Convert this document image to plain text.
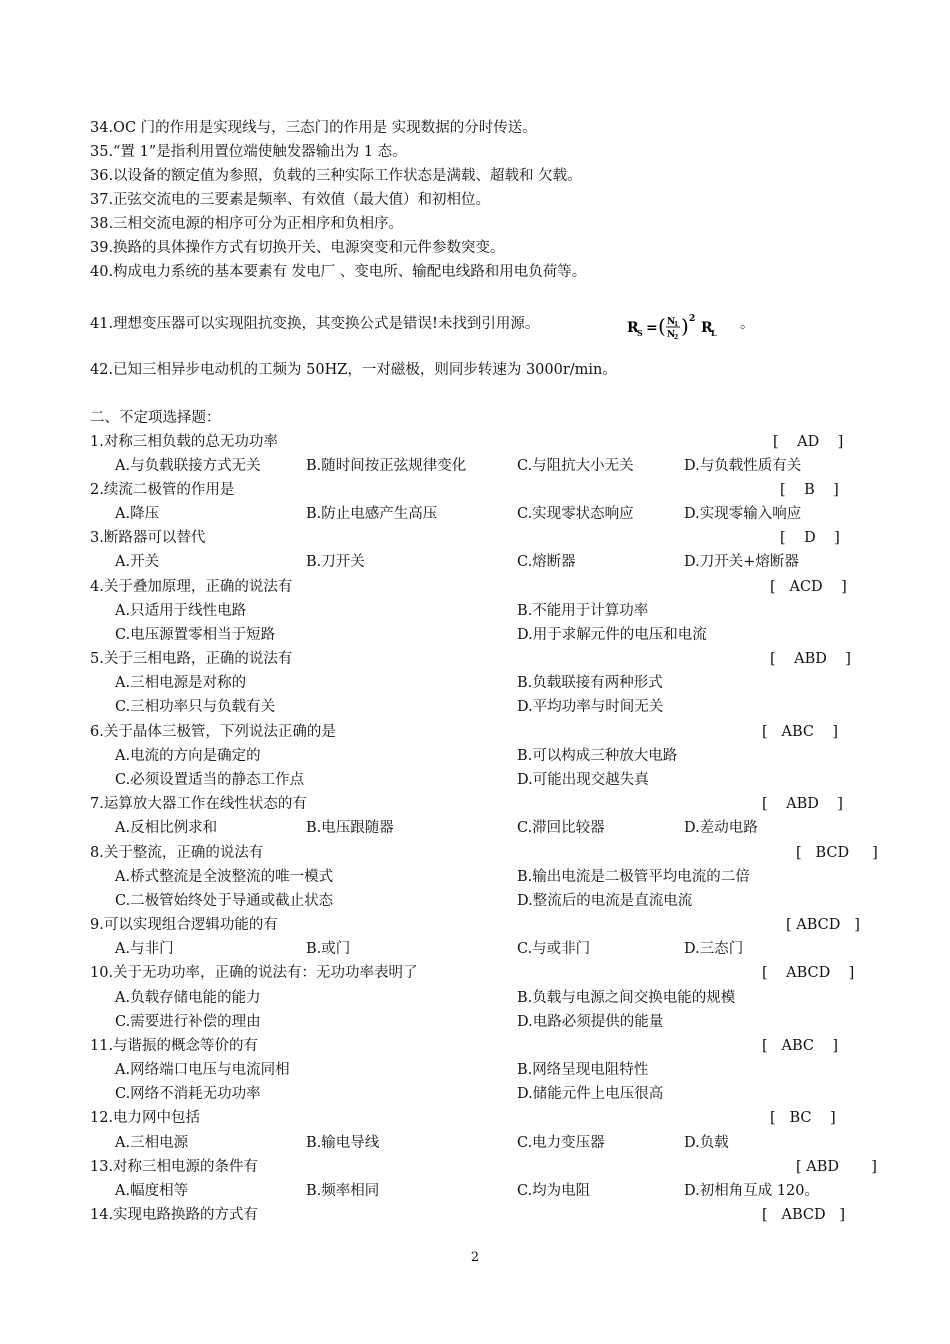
34.OC 门的作用是实现线与，三态门的作用是 实现数据的分时传送。
35.“置 1”是指利用置位端使触发器输出为 1 态。
36.以设备的额定值为参照，负载的三种实际工作状态是满载、超载和 欠载。
37.正弦交流电的三要素是频率、有效值（最大值）和初相位。
38.三相交流电源的相序可分为正相序和负相序。
39.换路的具体操作方式有切换开关、电源突变和元件参数突变。
40.构成电力系统的基本要素有 发电厂 、变电所、输配电线路和用电负荷等。
41.理想变压器可以实现阻抗变换，其变换公式是错误!未找到引用源。	R
S = ( N
1
N
2 ) 2
R
L
。
42.已知三相异步电动机的工频为 50HZ，一对磁极，则同步转速为 3000r/min。
二、不定项选择题：
1.对称三相负载的总无功功率	[    AD    ]
A.与负载联接方式无关	B.随时间按正弦规律变化	C.与阻抗大小无关	D.与负载性质有关
2.续流二极管的作用是	[    B    ]
A.降压	B.防止电感产生高压	C.实现零状态响应	D.实现零输入响应
3.断路器可以替代	[    D    ]
A.开关	B.刀开关	C.熔断器	D.刀开关+熔断器
4.关于叠加原理，正确的说法有	[   ACD    ]
A.只适用于线性电路	B.不能用于计算功率
C.电压源置零相当于短路	D.用于求解元件的电压和电流
5.关于三相电路，正确的说法有	[    ABD    ]
A.三相电源是对称的	B.负载联接有两种形式
C.三相功率只与负载有关	D.平均功率与时间无关
6.关于晶体三极管，下列说法正确的是	[   ABC    ]
A.电流的方向是确定的	B.可以构成三种放大电路
C.必须设置适当的静态工作点	D.可能出现交越失真
7.运算放大器工作在线性状态的有	[    ABD    ]
A.反相比例求和	B.电压跟随器	C.滞回比较器	D.差动电路
8.关于整流，正确的说法有	[   BCD     ]
A.桥式整流是全波整流的唯一模式	B.输出电流是二极管平均电流的二倍
C.二极管始终处于导通或截止状态	D.整流后的电流是直流电流
9.可以实现组合逻辑功能的有	[ ABCD   ]
A.与非门	B.或门	C.与或非门	D.三态门
10.关于无功功率，正确的说法有：无功功率表明了	[    ABCD    ]
A.负载存储电能的能力	B.负载与电源之间交换电能的规模
C.需要进行补偿的理由	D.电路必须提供的能量
11.与谐振的概念等价的有	[   ABC    ]
A.网络端口电压与电流同相	B.网络呈现电阻特性
C.网络不消耗无功功率	D.储能元件上电压很高
12.电力网中包括	[   BC    ]
A.三相电源	B.输电导线	C.电力变压器	D.负载
13.对称三相电源的条件有	[ ABD       ]
A.幅度相等	B.频率相同	C.均为电阻	D.初相角互成 120。
14.实现电路换路的方式有	[   ABCD   ]
2
